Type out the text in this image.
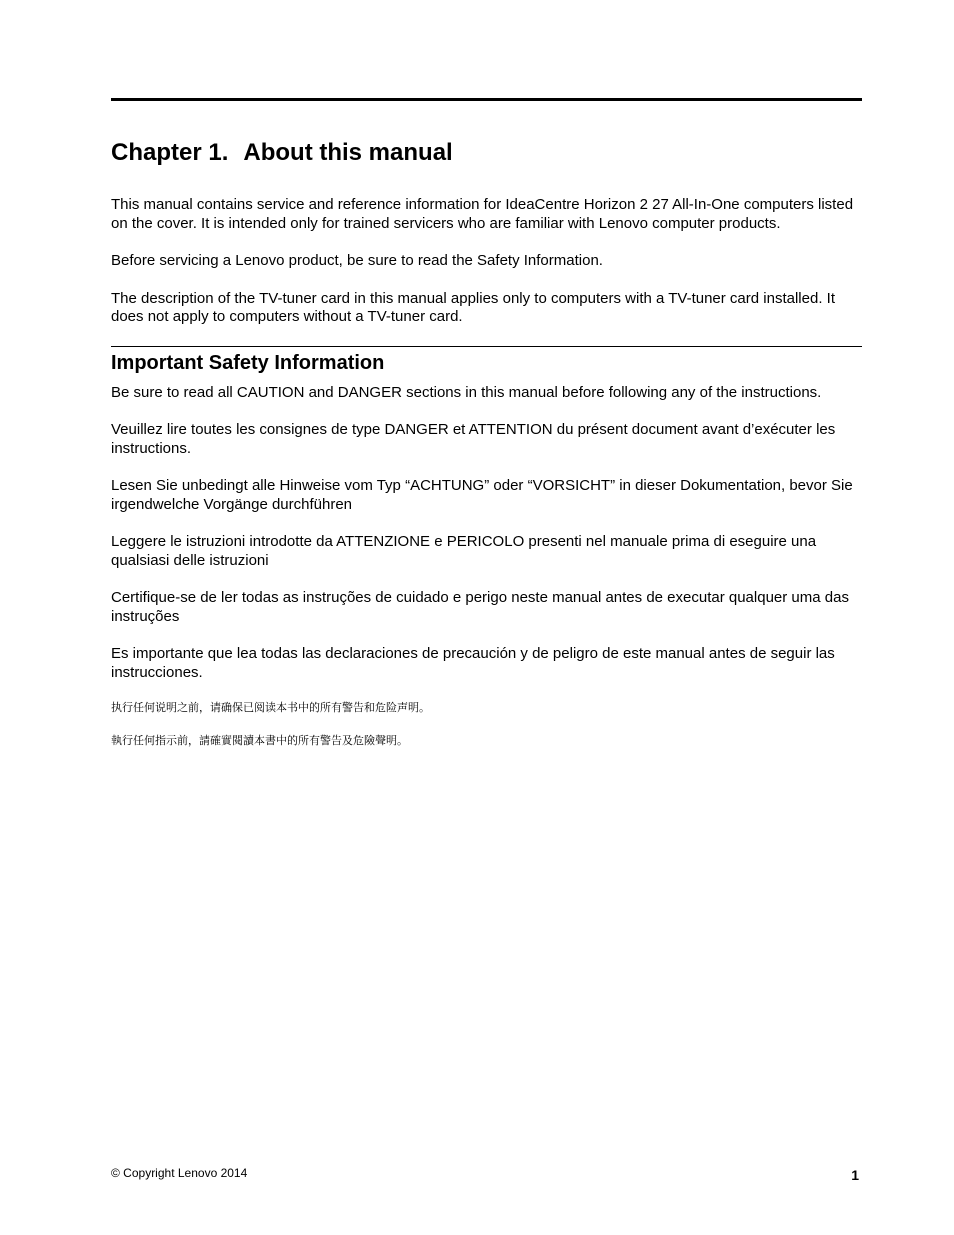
Chapter 1. About this manual

This manual contains service and reference information for IdeaCentre Horizon 2 27 All-In-One computers listed on the cover. It is intended only for trained servicers who are familiar with Lenovo computer products.

Before servicing a Lenovo product, be sure to read the Safety Information.

The description of the TV-tuner card in this manual applies only to computers with a TV-tuner card installed. It does not apply to computers without a TV-tuner card.

Important Safety Information

Be sure to read all CAUTION and DANGER sections in this manual before following any of the instructions.

Veuillez lire toutes les consignes de type DANGER et ATTENTION du présent document avant d’exécuter les instructions.

Lesen Sie unbedingt alle Hinweise vom Typ “ACHTUNG” oder “VORSICHT” in dieser Dokumentation, bevor Sie irgendwelche Vorgänge durchführen

Leggere le istruzioni introdotte da ATTENZIONE e PERICOLO presenti nel manuale prima di eseguire una qualsiasi delle istruzioni

Certifique-se de ler todas as instruções de cuidado e perigo neste manual antes de executar qualquer uma das instruções

Es importante que lea todas las declaraciones de precaución y de peligro de este manual antes de seguir las instrucciones.

执行任何说明之前，请确保已阅读本书中的所有警告和危险声明。

執行任何指示前，請確實閱讀本書中的所有警告及危險聲明。

© Copyright Lenovo 2014	1
